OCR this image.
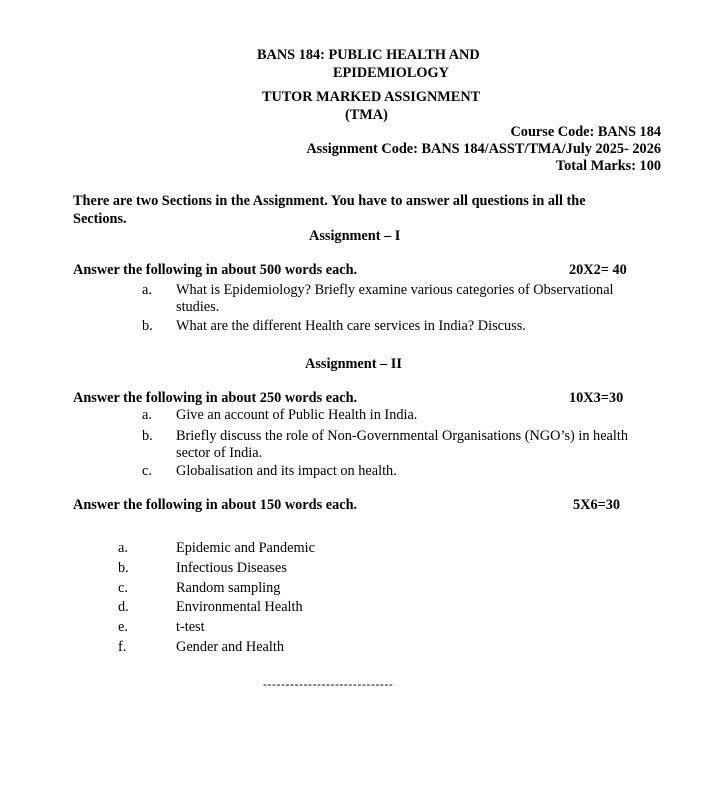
BANS 184: PUBLIC HEALTH AND
EPIDEMIOLOGY
TUTOR MARKED ASSIGNMENT
(TMA)
Course Code: BANS 184
Assignment Code: BANS 184/ASST/TMA/July 2025- 2026
Total Marks: 100
There are two Sections in the Assignment. You have to answer all questions in all the
Sections.
Assignment – I
Answer the following in about 500 words each.	20X2= 40
a. What is Epidemiology? Briefly examine various categories of Observational studies.
b. What are the different Health care services in India? Discuss.
Assignment – II
Answer the following in about 250 words each.	10X3=30
a. Give an account of Public Health in India.
b. Briefly discuss the role of Non-Governmental Organisations (NGO’s) in health sector of India.
c. Globalisation and its impact on health.
Answer the following in about 150 words each.	5X6=30
a.	Epidemic and Pandemic
b.	Infectious Diseases
c.	Random sampling
d.	Environmental Health
e.	t-test
f.	Gender and Health
-----------------------------
